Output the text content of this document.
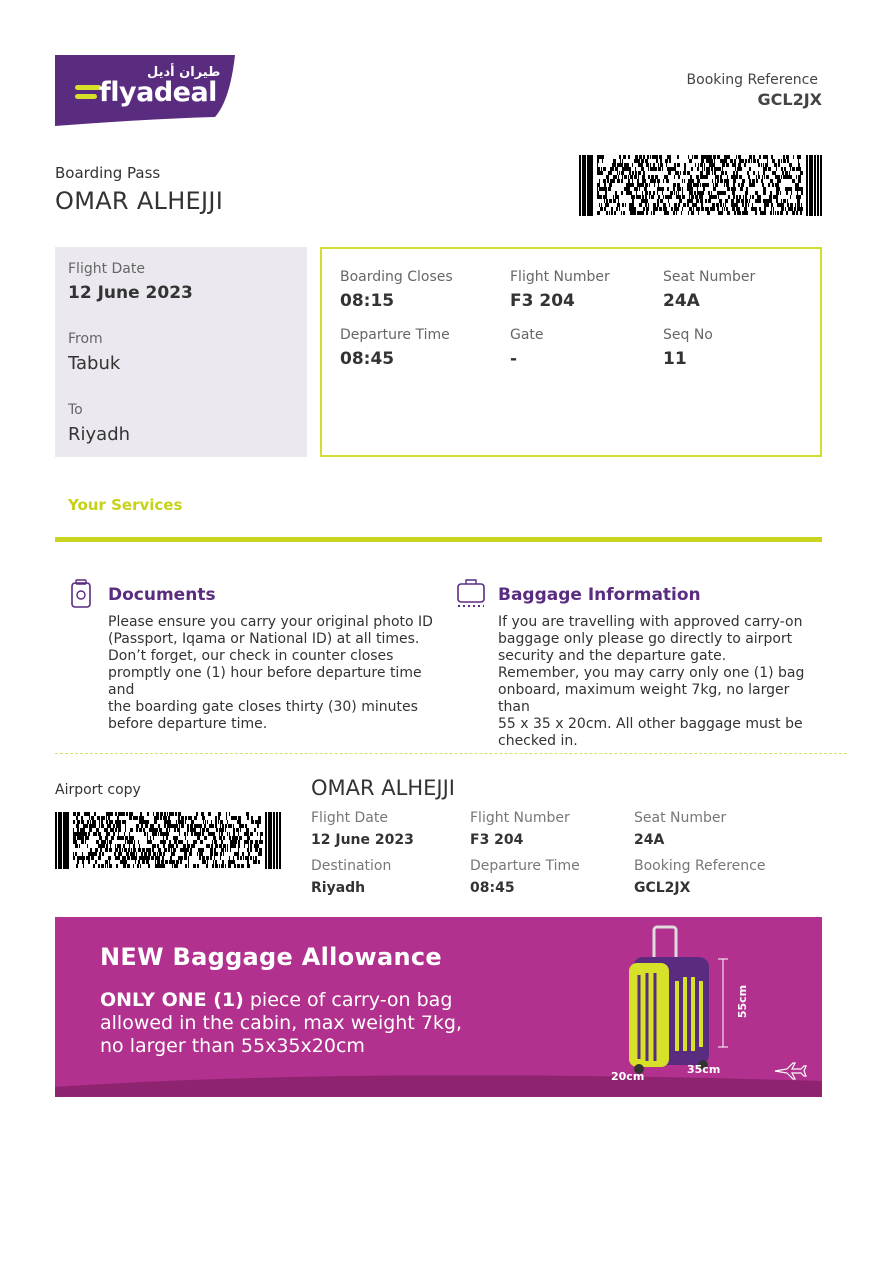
طيران أديل
flyadeal	Booking Reference
GCL2JX
Boarding Pass
OMAR ALHEJJI
Flight Date
12 June 2023
From
Tabuk
To
Riyadh
Boarding Closes
08:15
Flight Number
F3 204
Seat Number
24A
Departure Time
08:45
Gate
-
Seq No
11
Your Services
Documents
Please ensure you carry your original photo ID
(Passport, Iqama or National ID) at all times.
Don’t forget, our check in counter closes
promptly one (1) hour before departure time and
the boarding gate closes thirty (30) minutes
before departure time.
Baggage Information
If you are travelling with approved carry-on
baggage only please go directly to airport
security and the departure gate.
Remember, you may carry only one (1) bag
onboard, maximum weight 7kg, no larger than
55 x 35 x 20cm. All other baggage must be
checked in.
Airport copy	OMAR ALHEJJI
Flight Date
12 June 2023
Flight Number
F3 204
Seat Number
24A
Destination
Riyadh
Departure Time
08:45
Booking Reference
GCL2JX
NEW Baggage Allowance
ONLY ONE (1) piece of carry-on bag
allowed in the cabin, max weight 7kg,
no larger than 55x35x20cm
55cm
35cm
20cm
